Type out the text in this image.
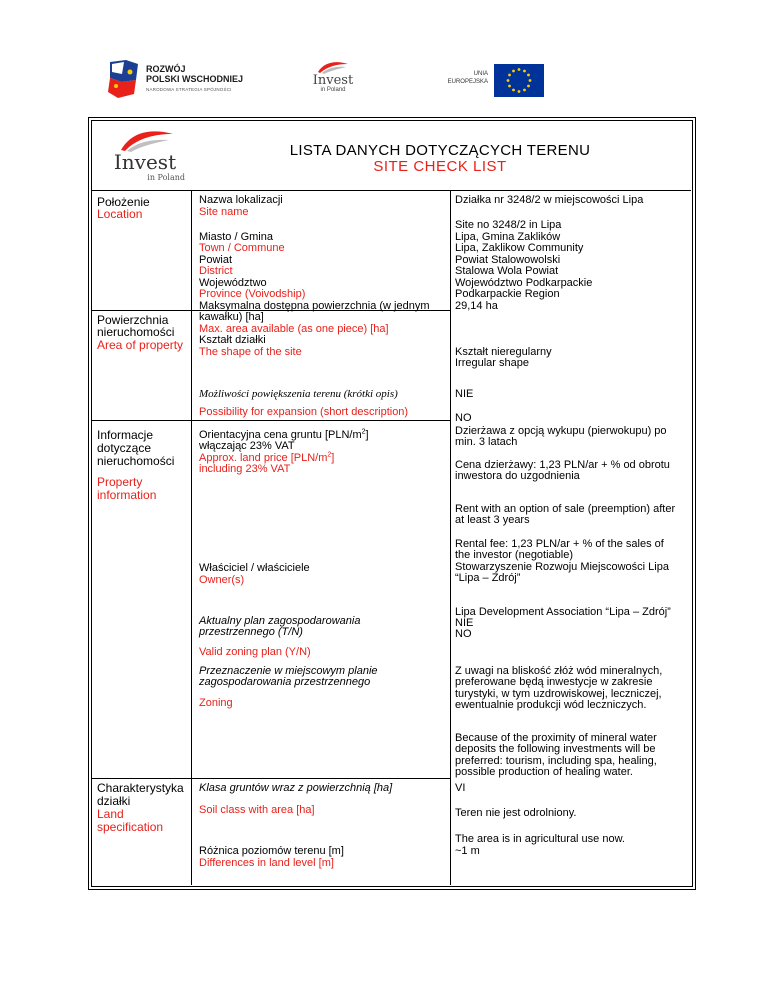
ROZWÓJ
POLSKI WSCHODNIEJ
NARODOWA STRATEGIA SPÓJNOŚCI
Invest
in Poland
UNIA
EUROPEJSKA
Invest
in Poland
LISTA DANYCH DOTYCZĄCYCH TERENU
SITE CHECK LIST
Położenie
Location
Powierzchnia
nieruchomości
Area of property
Informacje
dotyczące
nieruchomości
Property
information
Charakterystyka
działki
Land
specification
Nazwa lokalizacji
Site name
Miasto / Gmina
Town / Commune
Powiat
District
Województwo
Province (Voivodship)
Maksymalna dostępna powierzchnia (w jednym
kawałku) [ha]
Max. area available (as one piece) [ha]
Kształt działki
The shape of the site
Możliwości powiększenia terenu (krótki opis)
Possibility for expansion (short description)
Orientacyjna cena gruntu $[PLN/m^2]$
włączając 23% VAT
Approx. land price $[PLN/m^2]$
including 23% VAT
Właściciel / właściciele
Owner(s)
Aktualny plan zagospodarowania
przestrzennego (T/N)
Valid zoning plan (Y/N)
Przeznaczenie w miejscowym planie
zagospodarowania przestrzennego
Zoning
Klasa gruntów wraz z powierzchnią [ha]
Soil class with area [ha]
Różnica poziomów terenu [m]
Differences in land level [m]
Działka nr 3248/2 w miejscowości Lipa
Site no 3248/2 in Lipa
Lipa, Gmina Zaklików
Lipa, Zaklikow Community
Powiat Stalowowolski
Stalowa Wola Powiat
Województwo Podkarpackie
Podkarpackie Region
29,14 ha
Kształt nieregularny
Irregular shape
NIE
NO
Dzierżawa z opcją wykupu (pierwokupu) po
min. 3 latach
Cena dzierżawy: 1,23 PLN/ar + % od obrotu
inwestora do uzgodnienia
Rent with an option of sale (preemption) after
at least 3 years
Rental fee: 1,23 PLN/ar + % of the sales of
the investor (negotiable)
Stowarzyszenie Rozwoju Miejscowości Lipa
“Lipa – Zdrój”
Lipa Development Association “Lipa – Zdrój”
NIE
NO
Z uwagi na bliskość złóż wód mineralnych,
preferowane będą inwestycje w zakresie
turystyki, w tym uzdrowiskowej, leczniczej,
ewentualnie produkcji wód leczniczych.
Because of the proximity of mineral water
deposits the following investments will be
preferred: tourism, including spa, healing,
possible production of healing water.
VI
Teren nie jest odrolniony.
The area is in agricultural use now.
~1 m
